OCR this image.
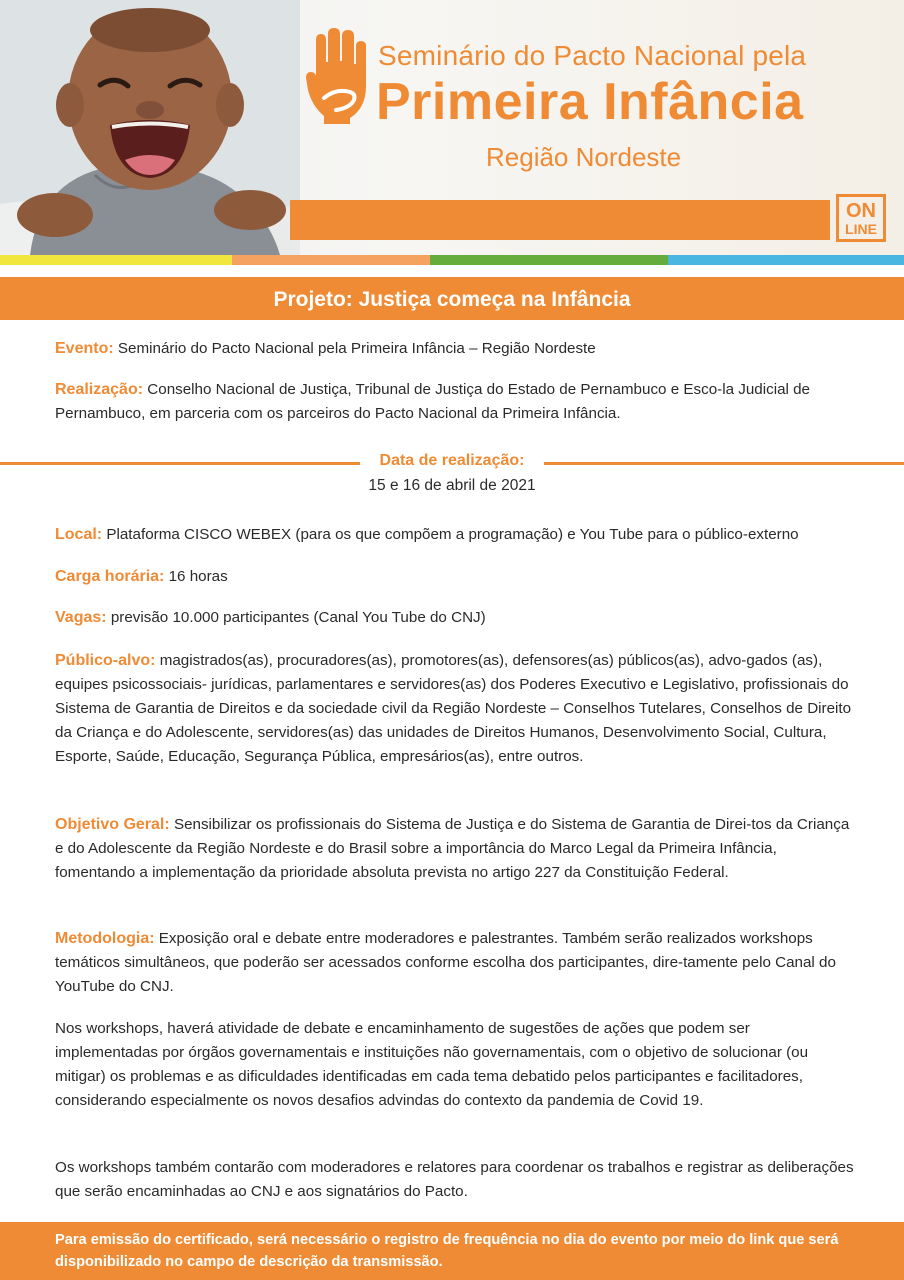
Seminário do Pacto Nacional pela
Primeira Infância
Região Nordeste
ON
LINE
Projeto: Justiça começa na Infância
Evento: Seminário do Pacto Nacional pela Primeira Infância – Região Nordeste
Realização: Conselho Nacional de Justiça, Tribunal de Justiça do Estado de Pernambuco e Esco-la Judicial de Pernambuco, em parceria com os parceiros do Pacto Nacional da Primeira Infância.
Data de realização:
15 e 16 de abril de 2021
Local: Plataforma CISCO WEBEX (para os que compõem a programação) e You Tube para o público-externo
Carga horária: 16 horas
Vagas: previsão 10.000 participantes (Canal You Tube do CNJ)
Público-alvo: magistrados(as), procuradores(as), promotores(as), defensores(as) públicos(as), advo-gados (as), equipes psicossociais- jurídicas, parlamentares e servidores(as) dos Poderes Executivo e Legislativo, profissionais do Sistema de Garantia de Direitos e da sociedade civil da Região Nordeste – Conselhos Tutelares, Conselhos de Direito da Criança e do Adolescente, servidores(as) das unidades de Direitos Humanos, Desenvolvimento Social, Cultura, Esporte, Saúde, Educação, Segurança Pública, empresários(as), entre outros.
Objetivo Geral: Sensibilizar os profissionais do Sistema de Justiça e do Sistema de Garantia de Direi-tos da Criança e do Adolescente da Região Nordeste e do Brasil sobre a importância do Marco Legal da Primeira Infância, fomentando a implementação da prioridade absoluta prevista no artigo 227 da Constituição Federal.
Metodologia: Exposição oral e debate entre moderadores e palestrantes. Também serão realizados workshops temáticos simultâneos, que poderão ser acessados conforme escolha dos participantes, dire-tamente pelo Canal do YouTube do CNJ.
Nos workshops, haverá atividade de debate e encaminhamento de sugestões de ações que podem ser implementadas por órgãos governamentais e instituições não governamentais, com o objetivo de solucionar (ou mitigar) os problemas e as dificuldades identificadas em cada tema debatido pelos participantes e facilitadores, considerando especialmente os novos desafios advindas do contexto da pandemia de Covid 19.
Os workshops também contarão com moderadores e relatores para coordenar os trabalhos e registrar as deliberações que serão encaminhadas ao CNJ e aos signatários do Pacto.

Para emissão do certificado, será necessário o registro de frequência no dia do evento por meio do link que será disponibilizado no campo de descrição da transmissão.
